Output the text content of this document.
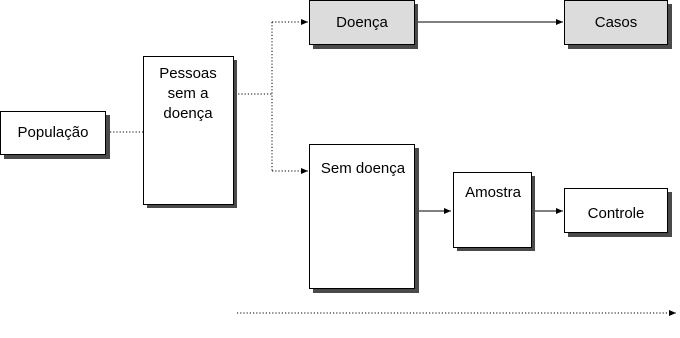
População
Pessoas
sem a
doença
Doença	Casos
Sem doença
Amostra
Controle
